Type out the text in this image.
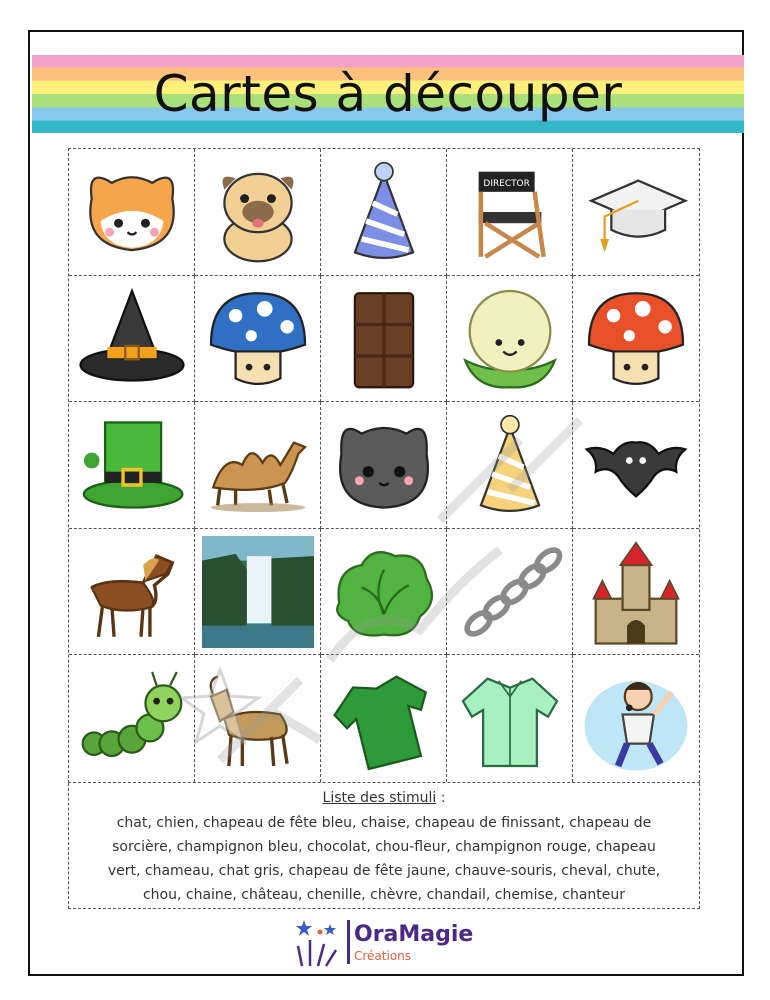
Cartes à découper
DIRECTOR
Liste des stimuli :
chat, chien, chapeau de fête bleu, chaise, chapeau de finissant, chapeau de
sorcière, champignon bleu, chocolat, chou-fleur, champignon rouge, chapeau
vert, chameau, chat gris, chapeau de fête jaune, chauve-souris, cheval, chute,
chou, chaine, château, chenille, chèvre, chandail, chemise, chanteur
OraMagie
Créations
